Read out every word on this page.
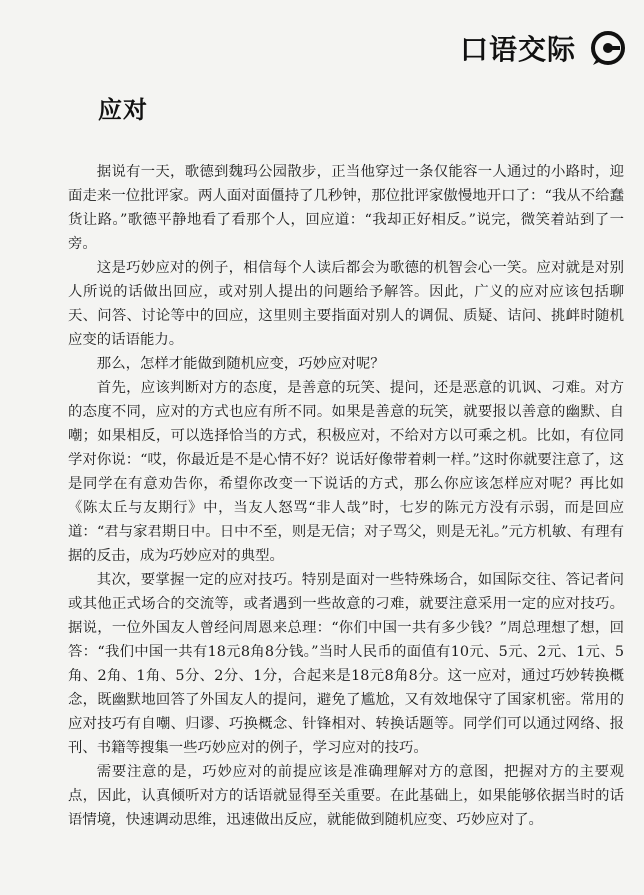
口语交际
应对

据说有一天，歌德到魏玛公园散步，正当他穿过一条仅能容一人通过的小路时，迎面走来一位批评家。两人面对面僵持了几秒钟，那位批评家傲慢地开口了：“我从不给蠢货让路。”歌德平静地看了看那个人，回应道：“我却正好相反。”说完，微笑着站到了一旁。

这是巧妙应对的例子，相信每个人读后都会为歌德的机智会心一笑。应对就是对别人所说的话做出回应，或对别人提出的问题给予解答。因此，广义的应对应该包括聊天、问答、讨论等中的回应，这里则主要指面对别人的调侃、质疑、诘问、挑衅时随机应变的话语能力。

那么，怎样才能做到随机应变，巧妙应对呢？

首先，应该判断对方的态度，是善意的玩笑、提问，还是恶意的讥讽、刁难。对方的态度不同，应对的方式也应有所不同。如果是善意的玩笑，就要报以善意的幽默、自嘲；如果相反，可以选择恰当的方式，积极应对，不给对方以可乘之机。比如，有位同学对你说：“哎，你最近是不是心情不好？说话好像带着刺一样。”这时你就要注意了，这是同学在有意劝告你，希望你改变一下说话的方式，那么你应该怎样应对呢？再比如《陈太丘与友期行》中，当友人怒骂“非人哉”时，七岁的陈元方没有示弱，而是回应道：“君与家君期日中。日中不至，则是无信；对子骂父，则是无礼。”元方机敏、有理有据的反击，成为巧妙应对的典型。

其次，要掌握一定的应对技巧。特别是面对一些特殊场合，如国际交往、答记者问或其他正式场合的交流等，或者遇到一些故意的刁难，就要注意采用一定的应对技巧。据说，一位外国友人曾经问周恩来总理：“你们中国一共有多少钱？”周总理想了想，回答：“我们中国一共有18元8角8分钱。”当时人民币的面值有10元、5元、2元、1元、5角、2角、1角、5分、2分、1分，合起来是18元8角8分。这一应对，通过巧妙转换概念，既幽默地回答了外国友人的提问，避免了尴尬，又有效地保守了国家机密。常用的应对技巧有自嘲、归谬、巧换概念、针锋相对、转换话题等。同学们可以通过网络、报刊、书籍等搜集一些巧妙应对的例子，学习应对的技巧。

需要注意的是，巧妙应对的前提应该是准确理解对方的意图，把握对方的主要观点，因此，认真倾听对方的话语就显得至关重要。在此基础上，如果能够依据当时的话语情境，快速调动思维，迅速做出反应，就能做到随机应变、巧妙应对了。
